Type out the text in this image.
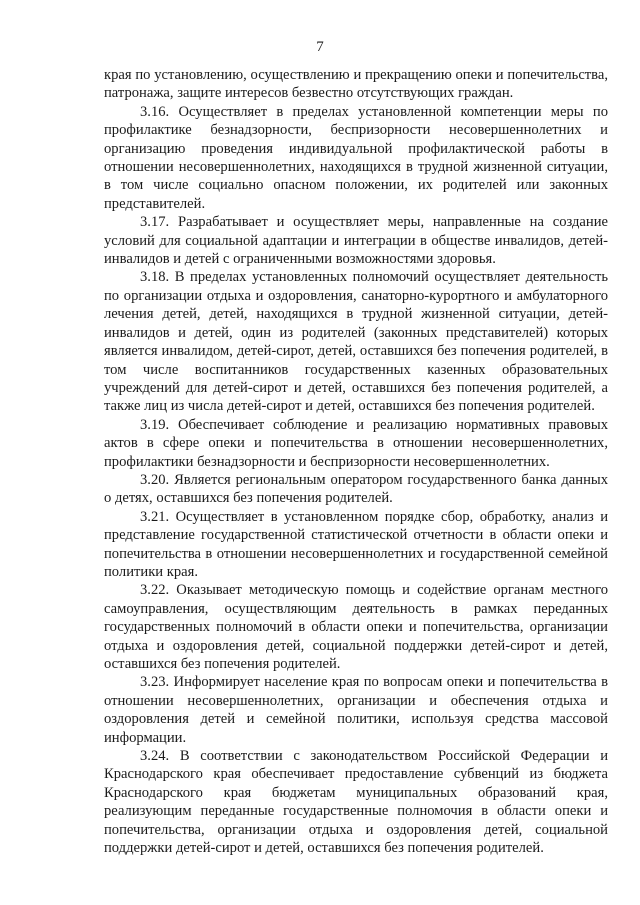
7

края по установлению, осуществлению и прекращению опеки и попечительства, патронажа, защите интересов безвестно отсутствующих граждан.

3.16. Осуществляет в пределах установленной компетенции меры по профилактике безнадзорности, беспризорности несовершеннолетних и организацию проведения индивидуальной профилактической работы в отношении несовершеннолетних, находящихся в трудной жизненной ситуации, в том числе социально опасном положении, их родителей или законных представителей.

3.17. Разрабатывает и осуществляет меры, направленные на создание условий для социальной адаптации и интеграции в обществе инвалидов, детей-инвалидов и детей с ограниченными возможностями здоровья.

3.18. В пределах установленных полномочий осуществляет деятельность по организации отдыха и оздоровления, санаторно-курортного и амбулаторного лечения детей, детей, находящихся в трудной жизненной ситуации, детей-инвалидов и детей, один из родителей (законных представителей) которых является инвалидом, детей-сирот, детей, оставшихся без попечения родителей, в том числе воспитанников государственных казенных образовательных учреждений для детей-сирот и детей, оставшихся без попечения родителей, а также лиц из числа детей-сирот и детей, оставшихся без попечения родителей.

3.19. Обеспечивает соблюдение и реализацию нормативных правовых актов в сфере опеки и попечительства в отношении несовершеннолетних, профилактики безнадзорности и беспризорности несовершеннолетних.

3.20. Является региональным оператором государственного банка данных о детях, оставшихся без попечения родителей.

3.21. Осуществляет в установленном порядке сбор, обработку, анализ и представление государственной статистической отчетности в области опеки и попечительства в отношении несовершеннолетних и государственной семейной политики края.

3.22. Оказывает методическую помощь и содействие органам местного самоуправления, осуществляющим деятельность в рамках переданных государственных полномочий в области опеки и попечительства, организации отдыха и оздоровления детей, социальной поддержки детей-сирот и детей, оставшихся без попечения родителей.

3.23. Информирует население края по вопросам опеки и попечительства в отношении несовершеннолетних, организации и обеспечения отдыха и оздоровления детей и семейной политики, используя средства массовой информации.

3.24. В соответствии с законодательством Российской Федерации и Краснодарского края обеспечивает предоставление субвенций из бюджета Краснодарского края бюджетам муниципальных образований края, реализующим переданные государственные полномочия в области опеки и попечительства, организации отдыха и оздоровления детей, социальной поддержки детей-сирот и детей, оставшихся без попечения родителей.
